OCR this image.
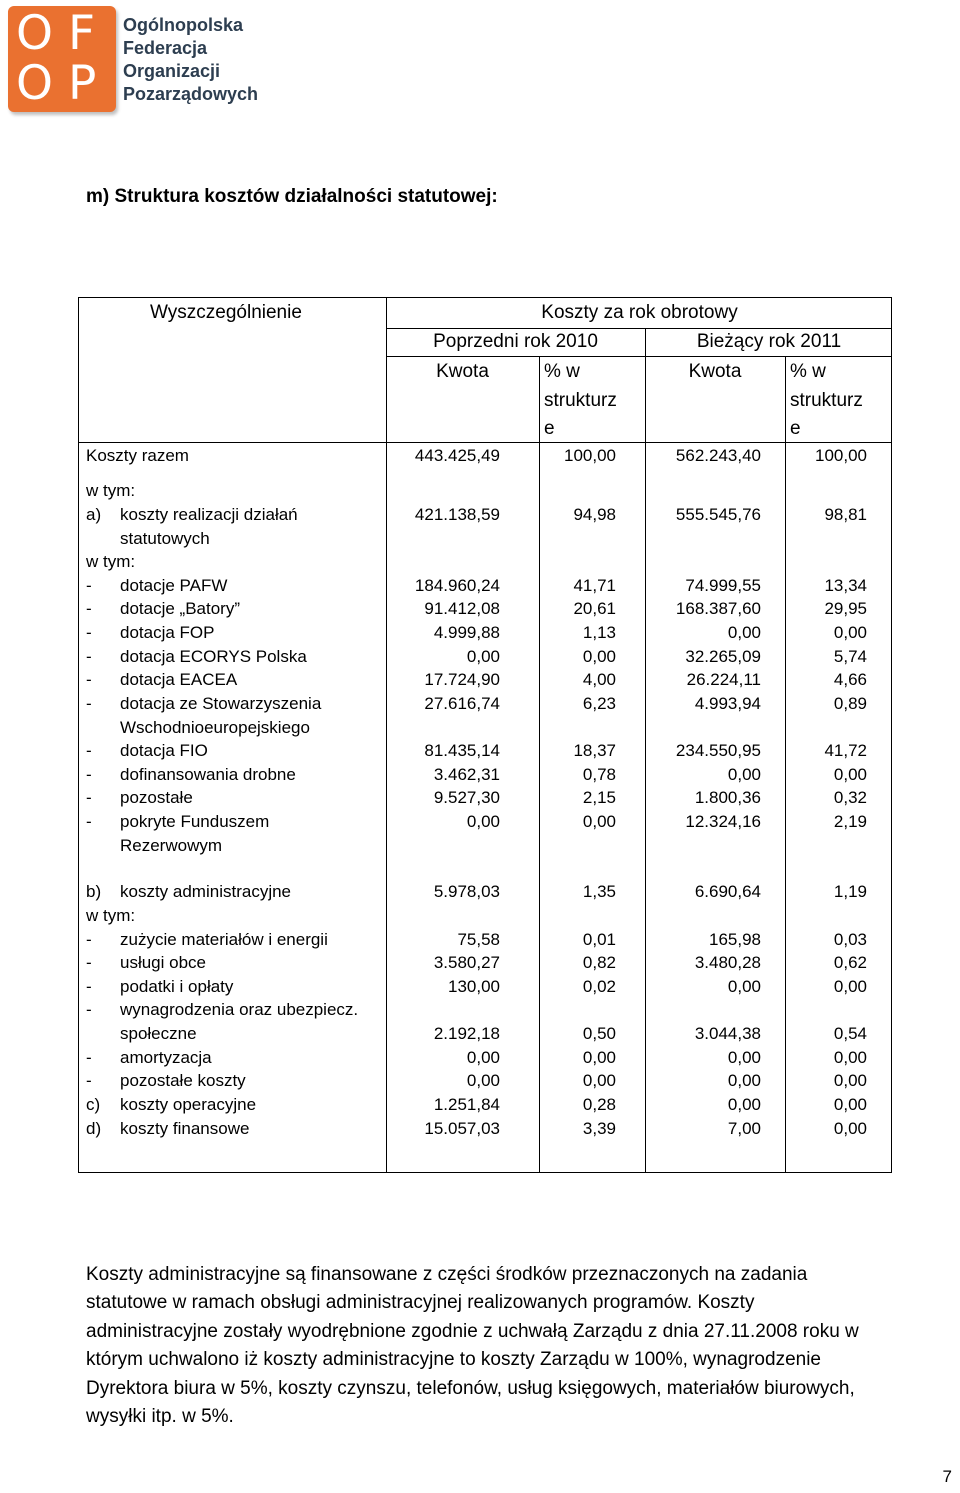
O F
O P
Ogólnopolska
Federacja
Organizacji
Pozarządowych
m) Struktura kosztów działalności statutowej:
Wyszczególnienie	Koszty za rok obrotowy
Poprzedni rok 2010	Bieżący rok 2011
Kwota	% w
strukturz
e
Kwota	% w
strukturz
e
Koszty razem	443.425,49	100,00	562.243,40	100,00
w tym:
a) koszty realizacji działań
statutowych
421.138,59	94,98	555.545,76	98,81
w tym:
- dotacje PAFW	184.960,24	41,71	74.999,55	13,34
- dotacje „Batory”	91.412,08	20,61	168.387,60	29,95
- dotacja FOP	4.999,88	1,13	0,00	0,00
- dotacja ECORYS Polska	0,00	0,00	32.265,09	5,74
- dotacja EACEA	17.724,90	4,00	26.224,11	4,66
- dotacja ze Stowarzyszenia
Wschodnioeuropejskiego
27.616,74	6,23	4.993,94	0,89
- dotacja FIO	81.435,14	18,37	234.550,95	41,72
- dofinansowania drobne	3.462,31	0,78	0,00	0,00
- pozostałe	9.527,30	2,15	1.800,36	0,32
- pokryte Funduszem
Rezerwowym
0,00	0,00	12.324,16	2,19
b) koszty administracyjne	5.978,03	1,35	6.690,64	1,19
w tym:
- zużycie materiałów i energii	75,58	0,01	165,98	0,03
- usługi obce	3.580,27	0,82	3.480,28	0,62
- podatki i opłaty	130,00	0,02	0,00	0,00
- wynagrodzenia oraz ubezpiecz.
społeczne	2.192,18	0,50	3.044,38	0,54
- amortyzacja	0,00	0,00	0,00	0,00
- pozostałe koszty	0,00	0,00	0,00	0,00
c) koszty operacyjne	1.251,84	0,28	0,00	0,00
d) koszty finansowe	15.057,03	3,39	7,00	0,00
Koszty administracyjne są finansowane z części środków przeznaczonych na zadania
statutowe w ramach obsługi administracyjnej realizowanych programów. Koszty
administracyjne zostały wyodrębnione zgodnie z uchwałą Zarządu z dnia 27.11.2008 roku w
którym uchwalono iż koszty administracyjne to koszty Zarządu w 100%, wynagrodzenie
Dyrektora biura w 5%, koszty czynszu, telefonów, usług księgowych, materiałów biurowych,
wysyłki itp. w 5%.
7
